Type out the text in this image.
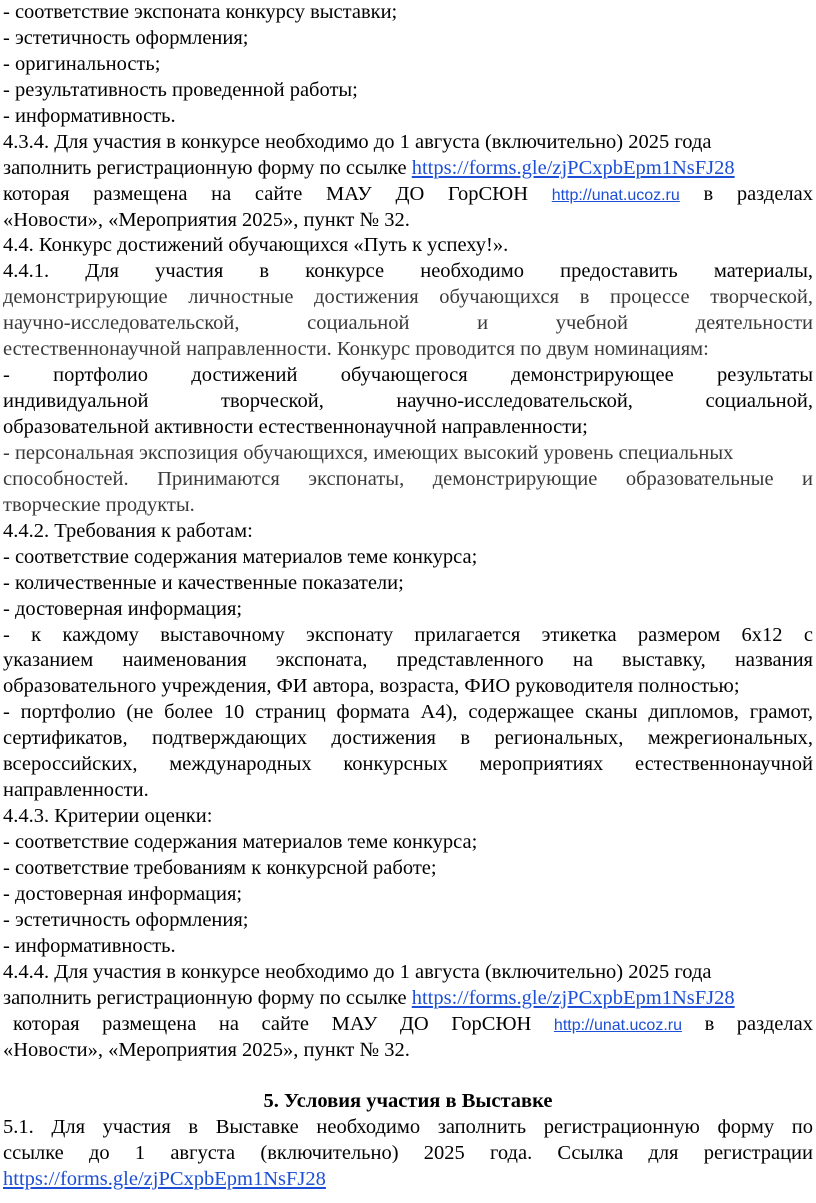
- соответствие экспоната конкурсу выставки;
- эстетичность оформления;
- оригинальность;
- результативность проведенной работы;
- информативность.
4.3.4. Для участия в конкурсе необходимо до 1 августа (включительно) 2025 года
заполнить регистрационную форму по ссылке https://forms.gle/zjPCxpbEpm1NsFJ28
которая размещена на сайте МАУ ДО ГорСЮН http://unat.ucoz.ru в разделах
«Новости», «Мероприятия 2025», пункт № 32.
4.4. Конкурс достижений обучающихся «Путь к успеху!».
4.4.1. Для участия в конкурсе необходимо предоставить материалы,
демонстрирующие личностные достижения обучающихся в процессе творческой,
научно-исследовательской, социальной и учебной деятельности
естественнонаучной направленности. Конкурс проводится по двум номинациям:
- портфолио достижений обучающегося демонстрирующее результаты
индивидуальной творческой, научно-исследовательской, социальной,
образовательной активности естественнонаучной направленности;
- персональная экспозиция обучающихся, имеющих высокий уровень специальных
способностей. Принимаются экспонаты, демонстрирующие образовательные и
творческие продукты.
4.4.2. Требования к работам:
- соответствие содержания материалов теме конкурса;
- количественные и качественные показатели;
- достоверная информация;
- к каждому выставочному экспонату прилагается этикетка размером 6х12 с
указанием наименования экспоната, представленного на выставку, названия
образовательного учреждения, ФИ автора, возраста, ФИО руководителя полностью;
- портфолио (не более 10 страниц формата А4), содержащее сканы дипломов, грамот,
сертификатов, подтверждающих достижения в региональных, межрегиональных,
всероссийских, международных конкурсных мероприятиях естественнонаучной
направленности.
4.4.3. Критерии оценки:
- соответствие содержания материалов теме конкурса;
- соответствие требованиям к конкурсной работе;
- достоверная информация;
- эстетичность оформления;
- информативность.
4.4.4. Для участия в конкурсе необходимо до 1 августа (включительно) 2025 года
заполнить регистрационную форму по ссылке https://forms.gle/zjPCxpbEpm1NsFJ28
которая размещена на сайте МАУ ДО ГорСЮН http://unat.ucoz.ru в разделах
«Новости», «Мероприятия 2025», пункт № 32.
5. Условия участия в Выставке
5.1. Для участия в Выставке необходимо заполнить регистрационную форму по
ссылке до 1 августа (включительно) 2025 года. Ссылка для регистрации
https://forms.gle/zjPCxpbEpm1NsFJ28
